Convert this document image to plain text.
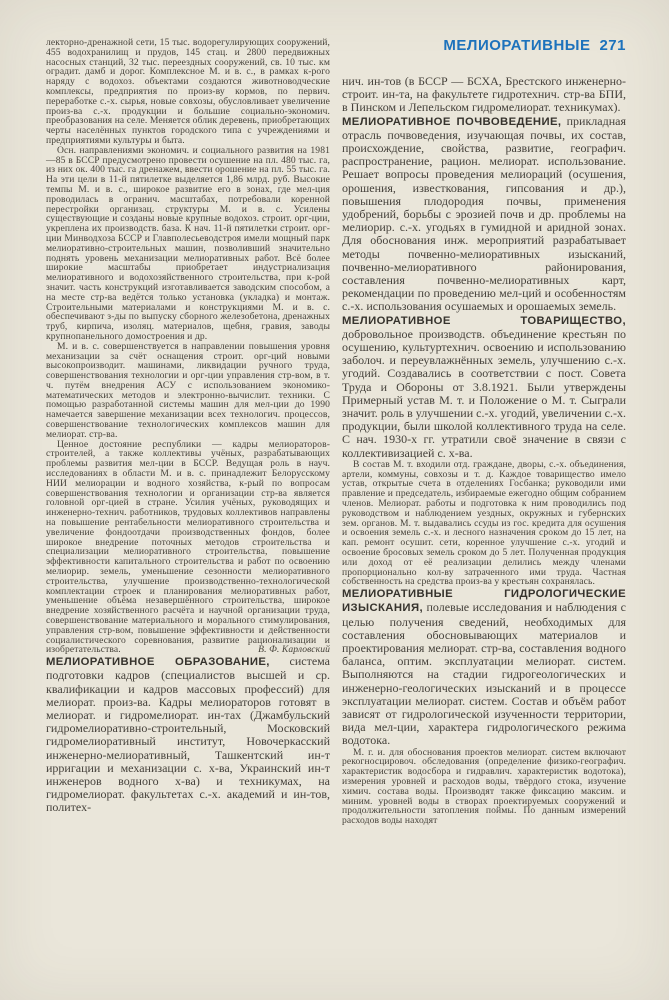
лекторно-дренажной сети, 15 тыс. водорегулирующих сооружений, 455 водохранилищ и прудов, 145 стац. и 2800 передвижных насосных станций, 32 тыс. переездных сооружений, св. 10 тыс. км оградит. дамб и дорог. Комплексное М. и в. с., в рамках к-рого наряду с водохоз. объектами создаются животноводческие комплексы, предприятия по произ-ву кормов, по первич. переработке с.-х. сырья, новые совхозы, обусловливает увеличение произ-ва с.-х. продукции и большие социально-экономич. преобразования на селе. Меняется облик деревень, приобретающих черты населённых пунктов городского типа с учреждениями и предприятиями культуры и быта.

Осн. направлениями экономич. и социального развития на 1981—85 в БССР предусмотрено провести осушение на пл. 480 тыс. га, из них ок. 400 тыс. га дренажем, ввести орошение на пл. 55 тыс. га. На эти цели в 11-й пятилетке выделяется 1,86 млрд. руб. Высокие темпы М. и в. с., широкое развитие его в зонах, где мел-ция проводилась в огранич. масштабах, потребовали коренной перестройки организац. структуры М. и в. с. Усилены существующие и созданы новые крупные водохоз. строит. орг-ции, укреплена их производств. база. К нач. 11-й пятилетки строит. орг-ции Минводхоза БССР и Главполесьеводстроя имели мощный парк мелиоративно-строительных машин, позволивший значительно поднять уровень механизации мелиоративных работ. Всё более широкие масштабы приобретает индустриализация мелиоративного и водохозяйственного строительства, при к-рой значит. часть конструкций изготавливается заводским способом, а на месте стр-ва ведётся только установка (укладка) и монтаж. Строительными материалами и конструкциями М. и в. с. обеспечивают з-ды по выпуску сборного железобетона, дренажных труб, кирпича, изоляц. материалов, щебня, гравия, заводы крупнопанельного домостроения и др.

М. и в. с. совершенствуется в направлении повышения уровня механизации за счёт оснащения строит. орг-ций новыми высокопроизводит. машинами, ликвидации ручного труда, совершенствования технологии и орг-ции управления стр-вом, в т. ч. путём внедрения АСУ с использованием экономико-математических методов и электронно-вычислит. техники. С помощью разработанной системы машин для мел-ции до 1990 намечается завершение механизации всех технологич. процессов, совершенствование технологических комплексов машин для мелиорат. стр-ва.

Ценное достояние республики — кадры мелиораторов-строителей, а также коллективы учёных, разрабатывающих проблемы развития мел-ции в БССР. Ведущая роль в науч. исследованиях в области М. и в. с. принадлежит Белорусскому НИИ мелиорации и водного хозяйства, к-рый по вопросам совершенствования технологии и организации стр-ва является головной орг-цией в стране. Усилия учёных, руководящих и инженерно-технич. работников, трудовых коллективов направлены на повышение рентабельности мелиоративного строительства и увеличение фондоотдачи производственных фондов, более широкое внедрение поточных методов строительства и специализации мелиоративного строительства, повышение эффективности капитального строительства и работ по освоению мелиорир. земель, уменьшение сезонности мелиоративного строительства, улучшение производственно-технологической комплектации строек и планирования мелиоративных работ, уменьшение объёма незавершённого строительства, широкое внедрение хозяйственного расчёта и научной организации труда, совершенствование материального и морального стимулирования, управления стр-вом, повышение эффективности и действенности социалистического соревнования, развитие рационализации и изобретательства.	В. Ф. Карловский

МЕЛИОРАТИВНОЕ ОБРАЗОВАНИЕ, система подготовки кадров (специалистов высшей и ср. квалификации и кадров массовых профессий) для мелиорат. произ-ва. Кадры мелиораторов готовят в мелиорат. и гидромелиорат. ин-тах (Джамбульский гидромелиоративно-строительный, Московский гидромелиоративный институт, Новочеркасский инженерно-мелиоративный, Ташкентский ин-т ирригации и механизации с. х-ва, Украинский ин-т инженеров водного х-ва) и техникумах, на гидромелиорат. факультетах с.-х. академий и ин-тов, политех-

МЕЛИОРАТИВНЫЕ 271

нич. ин-тов (в БССР — БСХА, Брестского инженерно-строит. ин-та, на факультете гидротехнич. стр-ва БПИ, в Пинском и Лепельском гидромелиорат. техникумах).

МЕЛИОРАТИВНОЕ ПОЧВОВЕДЕНИЕ, прикладная отрасль почвоведения, изучающая почвы, их состав, происхождение, свойства, развитие, географич. распространение, рацион. мелиорат. использование. Решает вопросы проведения мелиораций (осушения, орошения, известкования, гипсования и др.), повышения плодородия почвы, применения удобрений, борьбы с эрозией почв и др. проблемы на мелиорир. с.-х. угодьях в гумидной и аридной зонах. Для обоснования инж. мероприятий разрабатывает методы почвенно-мелиоративных изысканий, почвенно-мелиоративного районирования, составления почвенно-мелиоративных карт, рекомендации по проведению мел-ций и особенностям с.-х. использования осушаемых и орошаемых земель.

МЕЛИОРАТИВНОЕ ТОВАРИЩЕСТВО, добровольное производств. объединение крестьян по осушению, культуртехнич. освоению и использованию заболоч. и переувлажнённых земель, улучшению с.-х. угодий. Создавались в соответствии с пост. Совета Труда и Обороны от 3.8.1921. Были утверждены Примерный устав М. т. и Положение о М. т. Сыграли значит. роль в улучшении с.-х. угодий, увеличении с.-х. продукции, были школой коллективного труда на селе. С нач. 1930-х гг. утратили своё значение в связи с коллективизацией с. х-ва.

В состав М. т. входили отд. граждане, дворы, с.-х. объединения, артели, коммуны, совхозы и т. д. Каждое товарищество имело устав, открытые счета в отделениях Госбанка; руководили ими правление и председатель, избираемые ежегодно общим собранием членов. Мелиорат. работы и подготовка к ним проводились под руководством и наблюдением уездных, окружных и губернских зем. органов. М. т. выдавались ссуды из гос. кредита для осушения и освоения земель с.-х. и лесного назначения сроком до 15 лет, на кап. ремонт осушит. сети, коренное улучшение с.-х. угодий и освоение бросовых земель сроком до 5 лет. Полученная продукция или доход от её реализации делились между членами пропорционально кол-ву затраченного ими труда. Частная собственность на средства произ-ва у крестьян сохранялась.

МЕЛИОРАТИВНЫЕ ГИДРОЛОГИЧЕСКИЕ ИЗЫСКАНИЯ, полевые исследования и наблюдения с целью получения сведений, необходимых для составления обосновывающих материалов и проектирования мелиорат. стр-ва, составления водного баланса, оптим. эксплуатации мелиорат. систем. Выполняются на стадии гидрогеологических и инженерно-геологических изысканий и в процессе эксплуатации мелиорат. систем. Состав и объём работ зависят от гидрологической изученности территории, вида мел-ции, характера гидрологического режима водотока.

М. г. и. для обоснования проектов мелиорат. систем включают рекогносцировоч. обследования (определение физико-географич. характеристик водосбора и гидравлич. характеристик водотока), измерения уровней и расходов воды, твёрдого стока, изучение химич. состава воды. Производят также фиксацию максим. и миним. уровней воды в створах проектируемых сооружений и продолжительности затопления поймы. По данным измерений расходов воды находят
